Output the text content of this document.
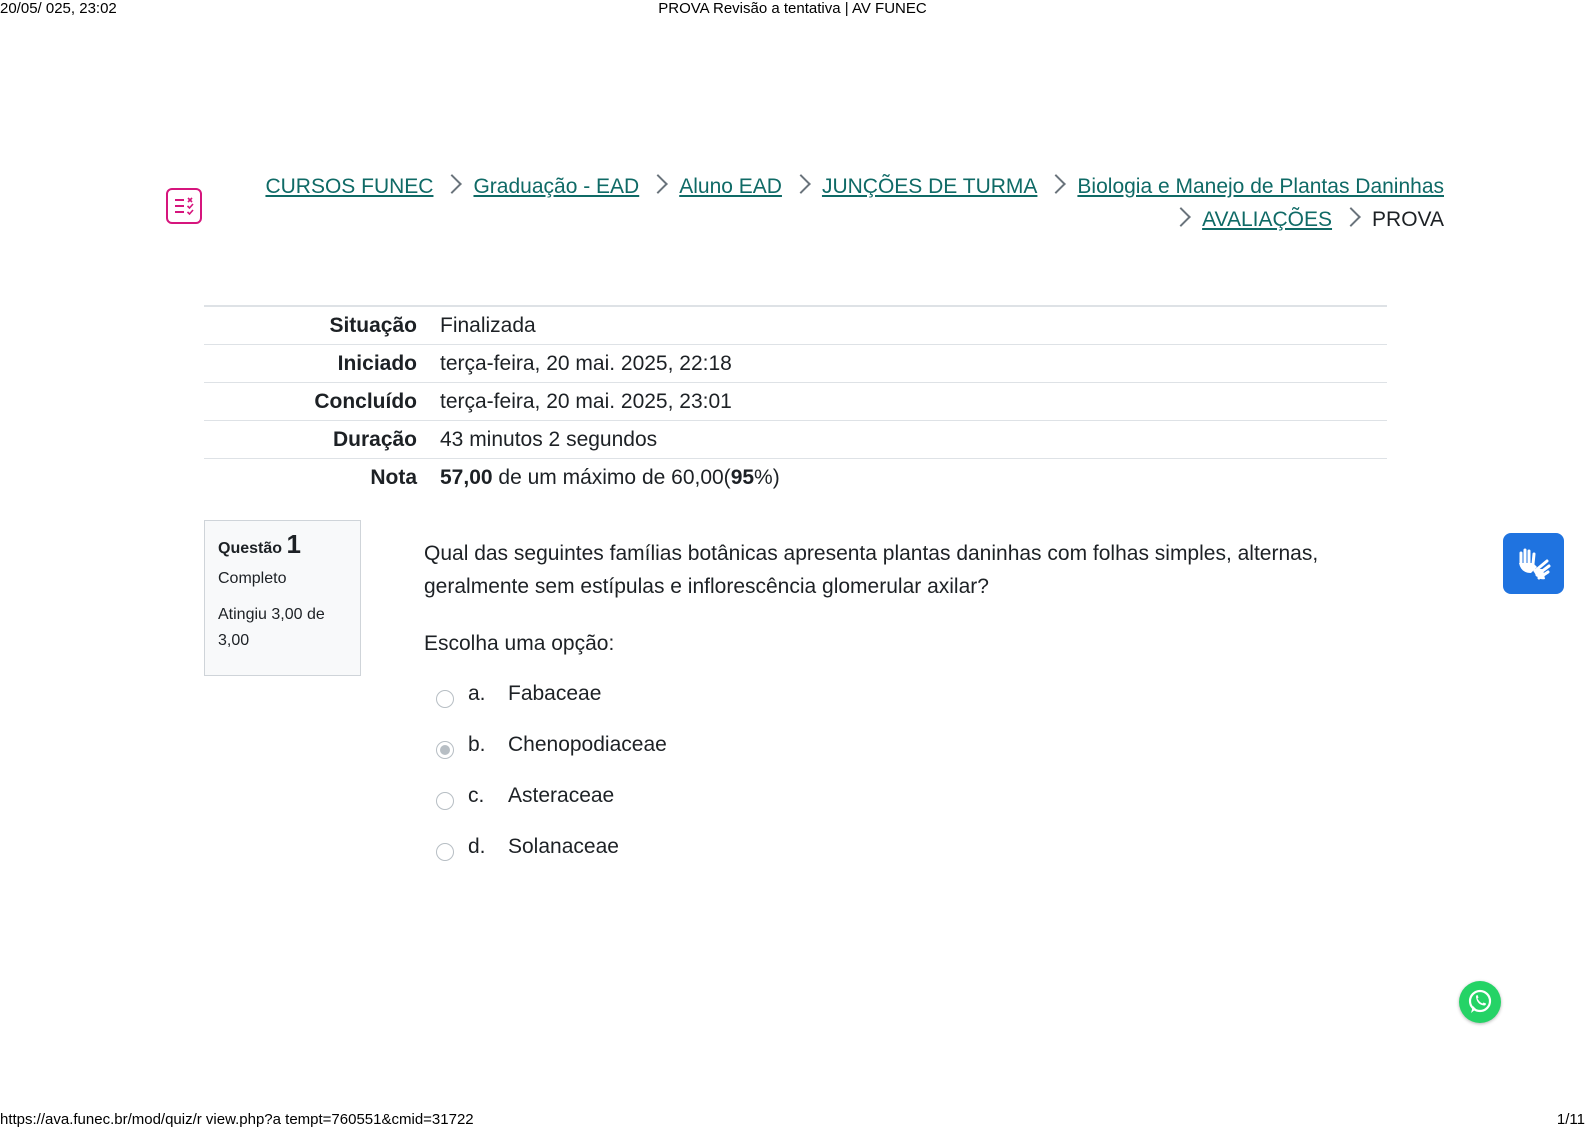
20/05/ 025, 23:02	PROVA Revisão a tentativa | AV FUNEC
CURSOS FUNEC Graduação - EAD Aluno EAD JUNÇÕES DE TURMA Biologia e Manejo de Plantas Daninhas
AVALIAÇÕES PROVA
Situação	Finalizada
Iniciado	terça-feira, 20 mai. 2025, 22:18
Concluído	terça-feira, 20 mai. 2025, 23:01
Duração	43 minutos 2 segundos
Nota	57,00 de um máximo de 60,00(95%)
Questão 1
Completo
Atingiu 3,00 de 3,00
Qual das seguintes famílias botânicas apresenta plantas daninhas com folhas simples, alternas, geralmente sem estípulas e inflorescência glomerular axilar?
Escolha uma opção:
a. Fabaceae
b. Chenopodiaceae
c. Asteraceae
d. Solanaceae
https://ava.funec.br/mod/quiz/r view.php?a tempt=760551&cmid=31722	1/11
